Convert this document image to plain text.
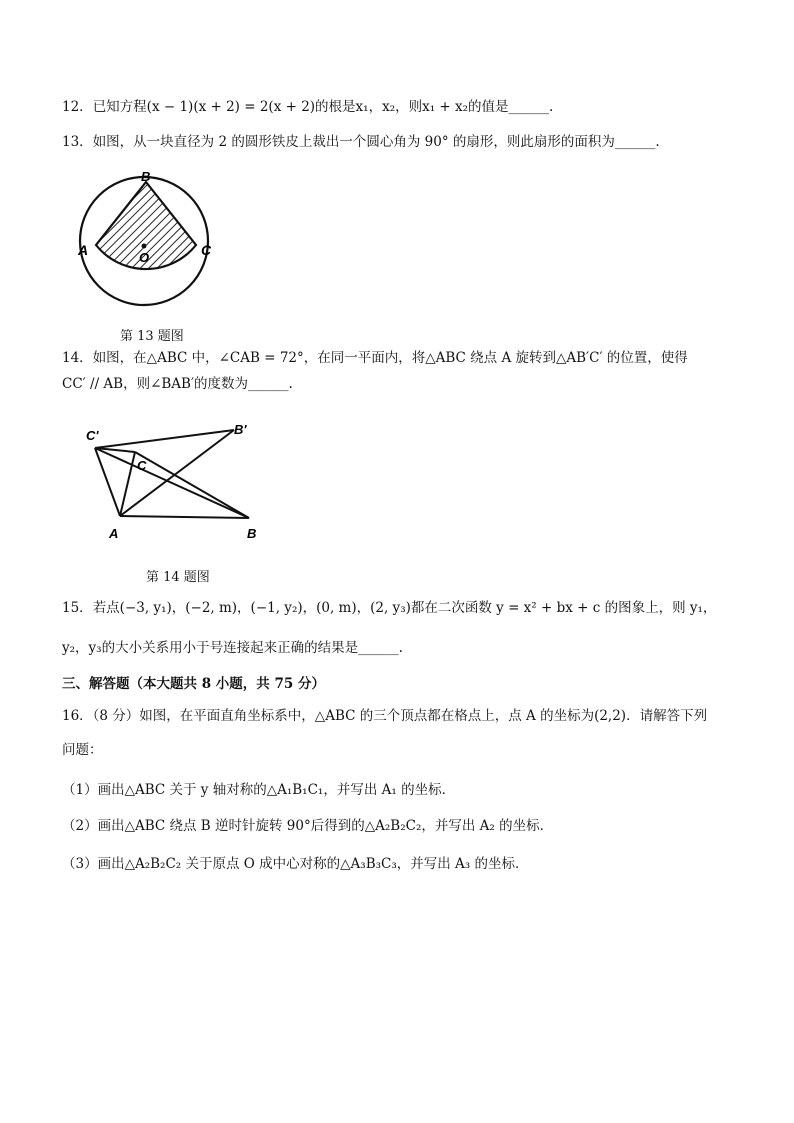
12．已知方程(x − 1)(x + 2) = 2(x + 2)的根是x₁，x₂，则x₁ + x₂的值是______.
13．如图，从一块直径为 2 的圆形铁皮上裁出一个圆心角为 90° 的扇形，则此扇形的面积为______.
B
A	C
O
第 13 题图
14．如图，在△ABC 中，∠CAB = 72°，在同一平面内，将△ABC 绕点 A 旋转到△AB′C′ 的位置，使得
CC′ // AB，则∠BAB′的度数为______.
C'	B'
C
A	B
第 14 题图
15．若点(−3, y₁)，(−2, m)，(−1, y₂)，(0, m)，(2, y₃)都在二次函数 y = x² + bx + c 的图象上，则 y₁，
y₂，y₃的大小关系用小于号连接起来正确的结果是______.
三、解答题（本大题共 8 小题，共 75 分）
16．（8 分）如图，在平面直角坐标系中，△ABC 的三个顶点都在格点上，点 A 的坐标为(2,2)．请解答下列
问题：
（1）画出△ABC 关于 y 轴对称的△A₁B₁C₁，并写出 A₁ 的坐标．
（2）画出△ABC 绕点 B 逆时针旋转 90°后得到的△A₂B₂C₂，并写出 A₂ 的坐标．
（3）画出△A₂B₂C₂ 关于原点 O 成中心对称的△A₃B₃C₃，并写出 A₃ 的坐标．
